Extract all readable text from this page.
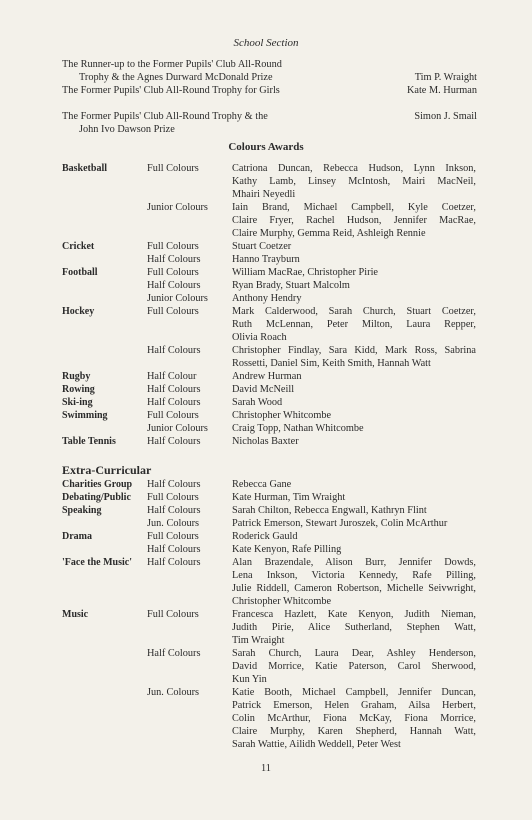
School Section
The Runner-up to the Former Pupils' Club All-Round
Trophy & the Agnes Durward McDonald Prize	Tim P. Wraight
The Former Pupils' Club All-Round Trophy for Girls	Kate M. Hurman
The Former Pupils' Club All-Round Trophy & the
John Ivo Dawson Prize
Simon J. Smail
Colours Awards
Basketball	Full Colours	Catriona Duncan, Rebecca Hudson, Lynn Inkson,
Kathy Lamb, Linsey McIntosh, Mairi MacNeil,
Mhairi Neyedli
Junior Colours	Iain Brand, Michael Campbell, Kyle Coetzer,
Claire Fryer, Rachel Hudson, Jennifer MacRae,
Claire Murphy, Gemma Reid, Ashleigh Rennie
Cricket	Full Colours	Stuart Coetzer
Half Colours	Hanno Trayburn
Football	Full Colours	William MacRae, Christopher Pirie
Half Colours	Ryan Brady, Stuart Malcolm
Junior Colours	Anthony Hendry
Hockey	Full Colours	Mark Calderwood, Sarah Church, Stuart Coetzer,
Ruth McLennan, Peter Milton, Laura Repper,
Olivia Roach
Half Colours	Christopher Findlay, Sara Kidd, Mark Ross, Sabrina
Rossetti, Daniel Sim, Keith Smith, Hannah Watt
Rugby	Half Colour	Andrew Hurman
Rowing	Half Colours	David McNeill
Ski-ing	Half Colours	Sarah Wood
Swimming	Full Colours	Christopher Whitcombe
Junior Colours	Craig Topp, Nathan Whitcombe
Table Tennis	Half Colours	Nicholas Baxter
Extra-Curricular
Charities Group	Half Colours	Rebecca Gane
Debating/Public	Full Colours	Kate Hurman, Tim Wraight
Speaking	Half Colours	Sarah Chilton, Rebecca Engwall, Kathryn Flint
Jun. Colours	Patrick Emerson, Stewart Juroszek, Colin McArthur
Drama	Full Colours	Roderick Gauld
Half Colours	Kate Kenyon, Rafe Pilling
'Face the Music'	Half Colours	Alan Brazendale, Alison Burr, Jennifer Dowds,
Lena Inkson, Victoria Kennedy, Rafe Pilling,
Julie Riddell, Cameron Robertson, Michelle Seivwright,
Christopher Whitcombe
Music	Full Colours	Francesca Hazlett, Kate Kenyon, Judith Nieman,
Judith Pirie, Alice Sutherland, Stephen Watt,
Tim Wraight
Half Colours	Sarah Church, Laura Dear, Ashley Henderson,
David Morrice, Katie Paterson, Carol Sherwood,
Kun Yin
Jun. Colours	Katie Booth, Michael Campbell, Jennifer Duncan,
Patrick Emerson, Helen Graham, Ailsa Herbert,
Colin McArthur, Fiona McKay, Fiona Morrice,
Claire Murphy, Karen Shepherd, Hannah Watt,
Sarah Wattie, Ailidh Weddell, Peter West
11
